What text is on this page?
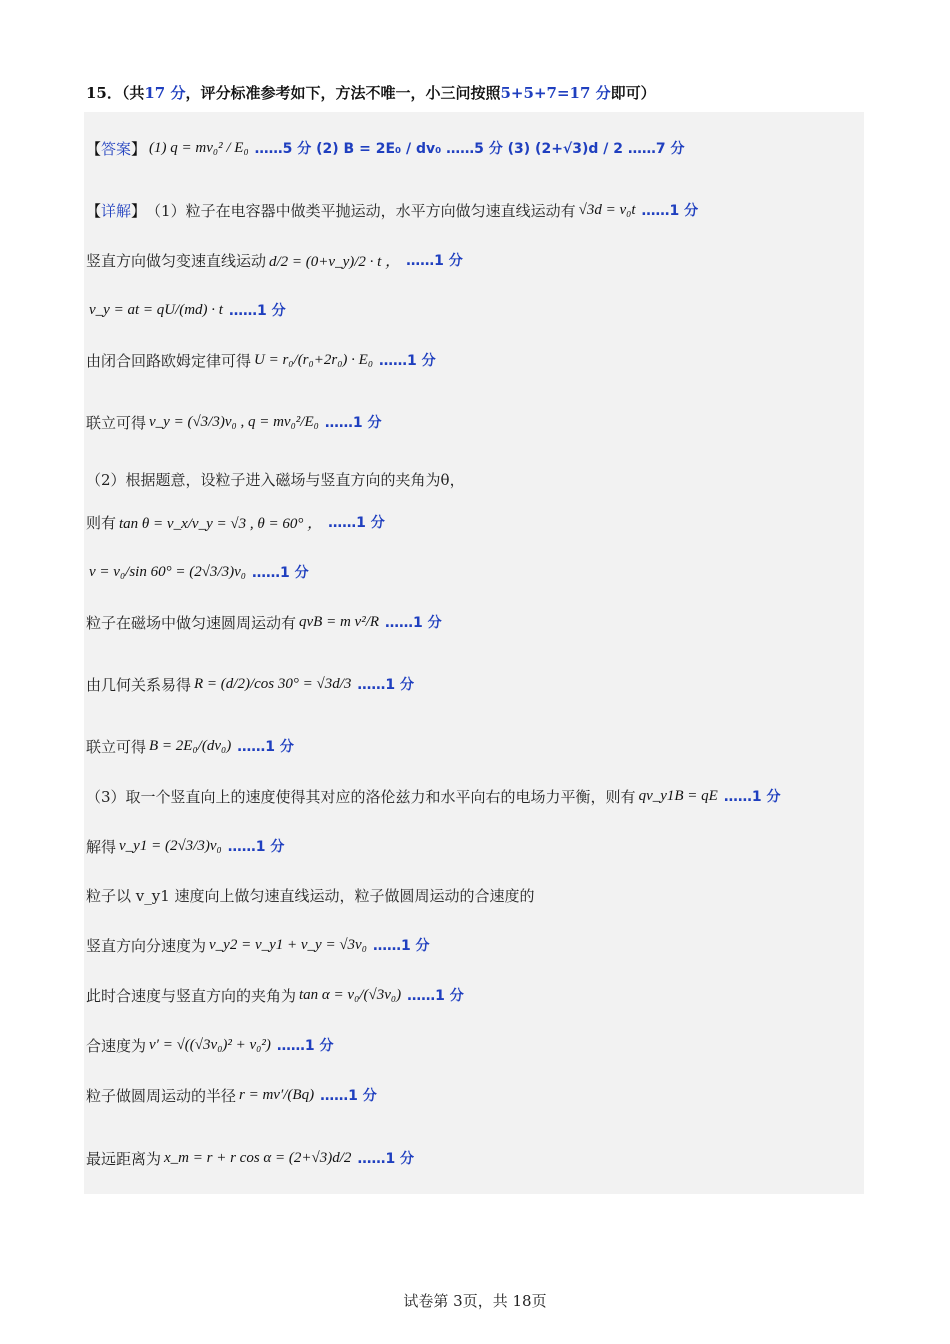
15．（共17 分，评分标准参考如下，方法不唯一，小三问按照5+5+7=17 分即可）
【 答案 】 (1) q = mv₀² / E₀ ……5 分 (2) B = 2E₀ / dv₀ ……5 分 (3) (2+√3)d / 2 ……7 分
【 详解 】 （1）粒子在电容器中做类平抛运动，水平方向做匀速直线运动有 √3d = v₀t ……1 分
竖直方向做匀变速直线运动 d/2 = (0+v_y)/2 · t ， ……1 分
v_y = at = qU/(md) · t ……1 分
由闭合回路欧姆定律可得 U = r₀/(r₀+2r₀) · E₀ ……1 分
联立可得 v_y = (√3/3)v₀ , q = mv₀²/E₀ ……1 分
（2）根据题意，设粒子进入磁场与竖直方向的夹角为θ，
则有 tan θ = v_x/v_y = √3 , θ = 60° ， ……1 分
v = v₀/sin 60° = (2√3/3)v₀ ……1 分
粒子在磁场中做匀速圆周运动有 qvB = m v²/R ……1 分
由几何关系易得 R = (d/2)/cos 30° = √3d/3 ……1 分
联立可得 B = 2E₀/(dv₀) ……1 分
（3）取一个竖直向上的速度使得其对应的洛伦兹力和水平向右的电场力平衡，则有 qv_y1B = qE ……1 分
解得 v_y1 = (2√3/3)v₀ ……1 分
粒子以 v_y1 速度向上做匀速直线运动，粒子做圆周运动的合速度的
竖直方向分速度为 v_y2 = v_y1 + v_y = √3v₀ ……1 分
此时合速度与竖直方向的夹角为 tan α = v₀/(√3v₀) ……1 分
合速度为 v′ = √((√3v₀)² + v₀²) ……1 分
粒子做圆周运动的半径 r = mv′/(Bq) ……1 分
最远距离为 x_m = r + r cos α = (2+√3)d/2 ……1 分
试卷第 3页，共 18页
